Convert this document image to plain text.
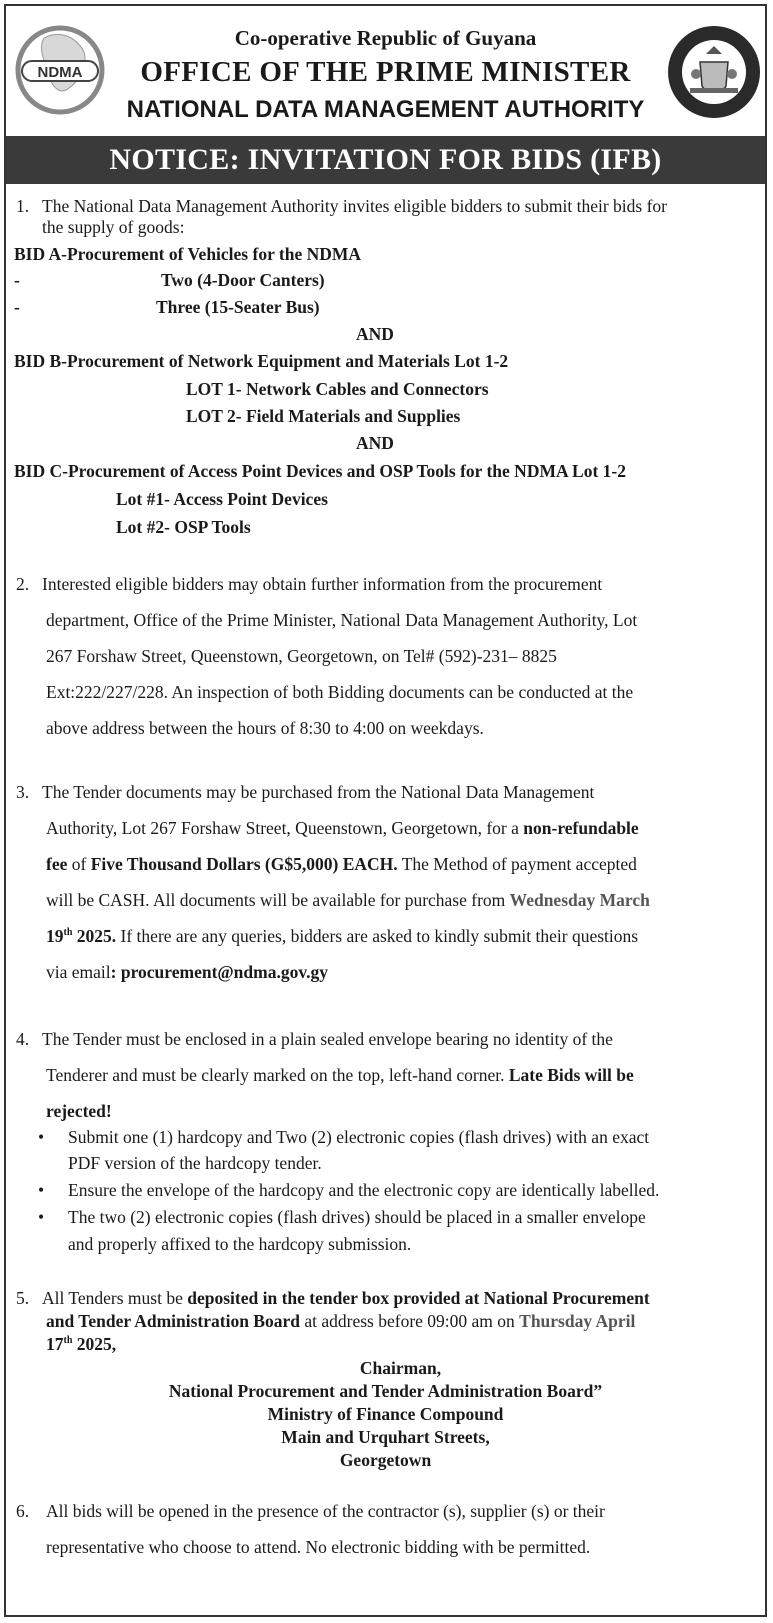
NDMA
Co-operative Republic of Guyana
OFFICE OF THE PRIME MINISTER
NATIONAL DATA MANAGEMENT AUTHORITY
NOTICE: INVITATION FOR BIDS (IFB)
1. The National Data Management Authority invites eligible bidders to submit their bids for
the supply of goods:
BID A-Procurement of Vehicles for the NDMA
-	Two (4-Door Canters)
-	Three (15-Seater Bus)
AND
BID B-Procurement of Network Equipment and Materials Lot 1-2
LOT 1- Network Cables and Connectors
LOT 2- Field Materials and Supplies
AND
BID C-Procurement of Access Point Devices and OSP Tools for the NDMA Lot 1-2
Lot #1- Access Point Devices
Lot #2- OSP Tools
2. Interested eligible bidders may obtain further information from the procurement
department, Office of the Prime Minister, National Data Management Authority, Lot
267 Forshaw Street, Queenstown, Georgetown, on Tel# (592)-231– 8825
Ext:222/227/228. An inspection of both Bidding documents can be conducted at the
above address between the hours of 8:30 to 4:00 on weekdays.
3. The Tender documents may be purchased from the National Data Management
Authority, Lot 267 Forshaw Street, Queenstown, Georgetown, for a non-refundable
fee of Five Thousand Dollars (G$5,000) EACH. The Method of payment accepted
will be CASH. All documents will be available for purchase from Wednesday March
19th 2025. If there are any queries, bidders are asked to kindly submit their questions
via email: procurement@ndma.gov.gy
4. The Tender must be enclosed in a plain sealed envelope bearing no identity of the
Tenderer and must be clearly marked on the top, left-hand corner. Late Bids will be
rejected!
• Submit one (1) hardcopy and Two (2) electronic copies (flash drives) with an exact
PDF version of the hardcopy tender.
• Ensure the envelope of the hardcopy and the electronic copy are identically labelled.
• The two (2) electronic copies (flash drives) should be placed in a smaller envelope
and properly affixed to the hardcopy submission.
5. All Tenders must be deposited in the tender box provided at National Procurement
and Tender Administration Board at address before 09:00 am on Thursday April
17th 2025,
Chairman,
National Procurement and Tender Administration Board”
Ministry of Finance Compound
Main and Urquhart Streets,
Georgetown
6. All bids will be opened in the presence of the contractor (s), supplier (s) or their
representative who choose to attend. No electronic bidding with be permitted.
